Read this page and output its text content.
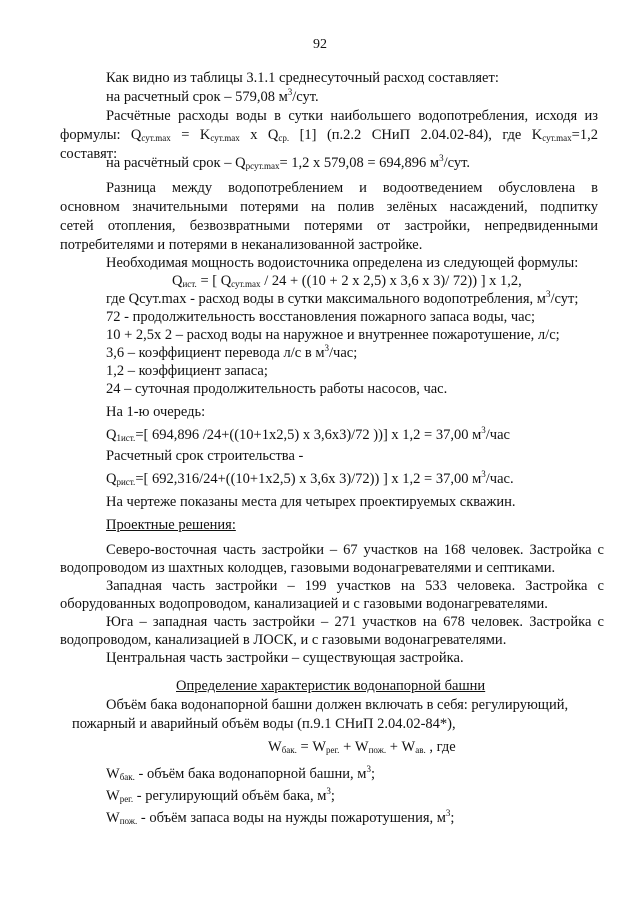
92
Как видно из таблицы 3.1.1 среднесуточный расход составляет:
на расчетный срок – 579,08 $м^3$/сут.
Расчётные расходы воды в сутки наибольшего водопотребления, исходя из
формулы: $Q_{сут.max} = K_{сут.max}$ x $Q_{ср.}$ [1] (п.2.2 СНиП 2.04.02-84), где $K_{сут.max}=1,2$
составят:
на расчётный срок – $Q_{рсут.max}= 1,2$ x 579,08 = 694,896 $м^3$/сут.
Разница между водопотреблением и водоотведением обусловлена в
основном значительными потерями на полив зелёных насаждений, подпитку
сетей отопления, безвозвратными потерями от застройки, непредвиденными
потребителями и потерями в неканализованной застройке.
Необходимая мощность водоисточника определена из следующей формулы:
$Q_{ист.}$ = [ $Q_{сут.max} / 24 + ((10 + 2$ x 2,5) x 3,6 x 3)/ 72)) ] x 1,2,
где Qсут.max - расход воды в сутки максимального водопотребления, $м^3$/сут;
72 - продолжительность восстановления пожарного запаса воды, час;
10 + 2,5x 2 – расход воды на наружное и внутреннее пожаротушение, л/с;
3,6 – коэффициент перевода л/с в $м^3$/час;
1,2 – коэффициент запаса;
24 – суточная продолжительность работы насосов, час.
На 1-ю очередь:
$Q_{1ист.}=$[ 694,896 /24+((10+1x2,5) x 3,6x3)/72 ))] x 1,2 = 37,00 $м^3$/час
Расчетный срок строительства -
$Q_{рист.}=$[ 692,316/24+((10+1x2,5) x 3,6x 3)/72)) ] x 1,2 = 37,00 $м^3$/час.
На чертеже показаны места для четырех проектируемых скважин.
Проектные решения:
Северо-восточная часть застройки – 67 участков на 168 человек. Застройка с
водопроводом из шахтных колодцев, газовыми водонагревателями и септиками.
Западная часть застройки – 199 участков на 533 человека. Застройка с
оборудованных водопроводом, канализацией и с газовыми водонагревателями.
Юга – западная часть застройки – 271 участков на 678 человек. Застройка с
водопроводом, канализацией в ЛОСК, и с газовыми водонагревателями.
Центральная часть застройки – существующая застройка.
Определение характеристик водонапорной башни
Объём бака водонапорной башни должен включать в себя: регулирующий,
пожарный и аварийный объём воды (п.9.1 СНиП 2.04.02-84*),
$W_{бак.} = W_{рег.} + W_{пож.} + W_{ав.}$ , где
$W_{бак.}$ - объём бака водонапорной башни, $м^3$;
$W_{рег.}$ - регулирующий объём бака, $м^3$;
$W_{пож.}$ - объём запаса воды на нужды пожаротушения, $м^3$;
